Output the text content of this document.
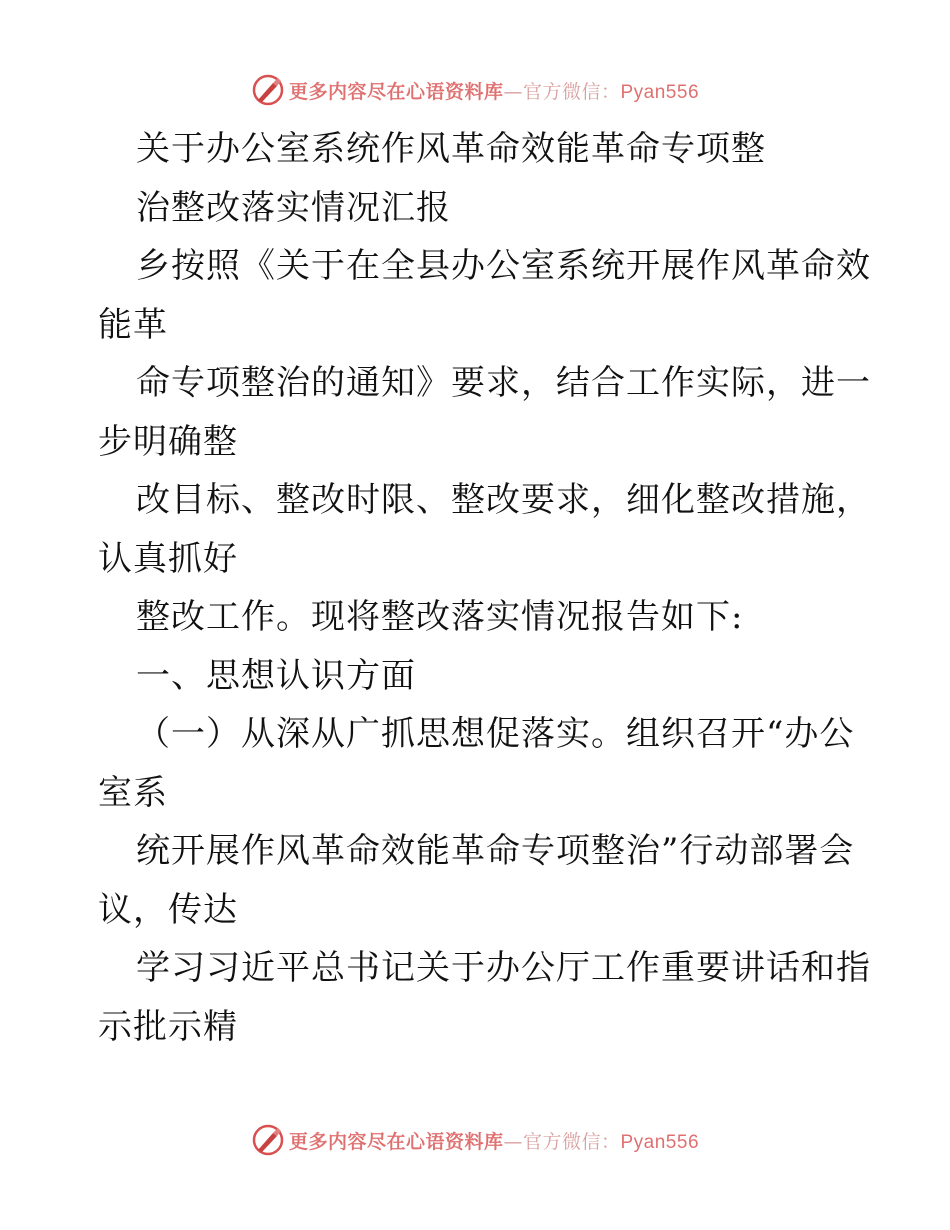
更多内容尽在心语资料库—官方微信：Pyan556
关于办公室系统作风革命效能革命专项整
治整改落实情况汇报
乡按照《关于在全县办公室系统开展作风革命效
能革
命专项整治的通知》要求，结合工作实际，进一
步明确整
改目标、整改时限、整改要求，细化整改措施，
认真抓好
整改工作。现将整改落实情况报告如下:
一、思想认识方面
（一）从深从广抓思想促落实。组织召开“办公
室系
统开展作风革命效能革命专项整治”行动部署会
议，传达
学习习近平总书记关于办公厅工作重要讲话和指
示批示精
更多内容尽在心语资料库—官方微信：Pyan556
